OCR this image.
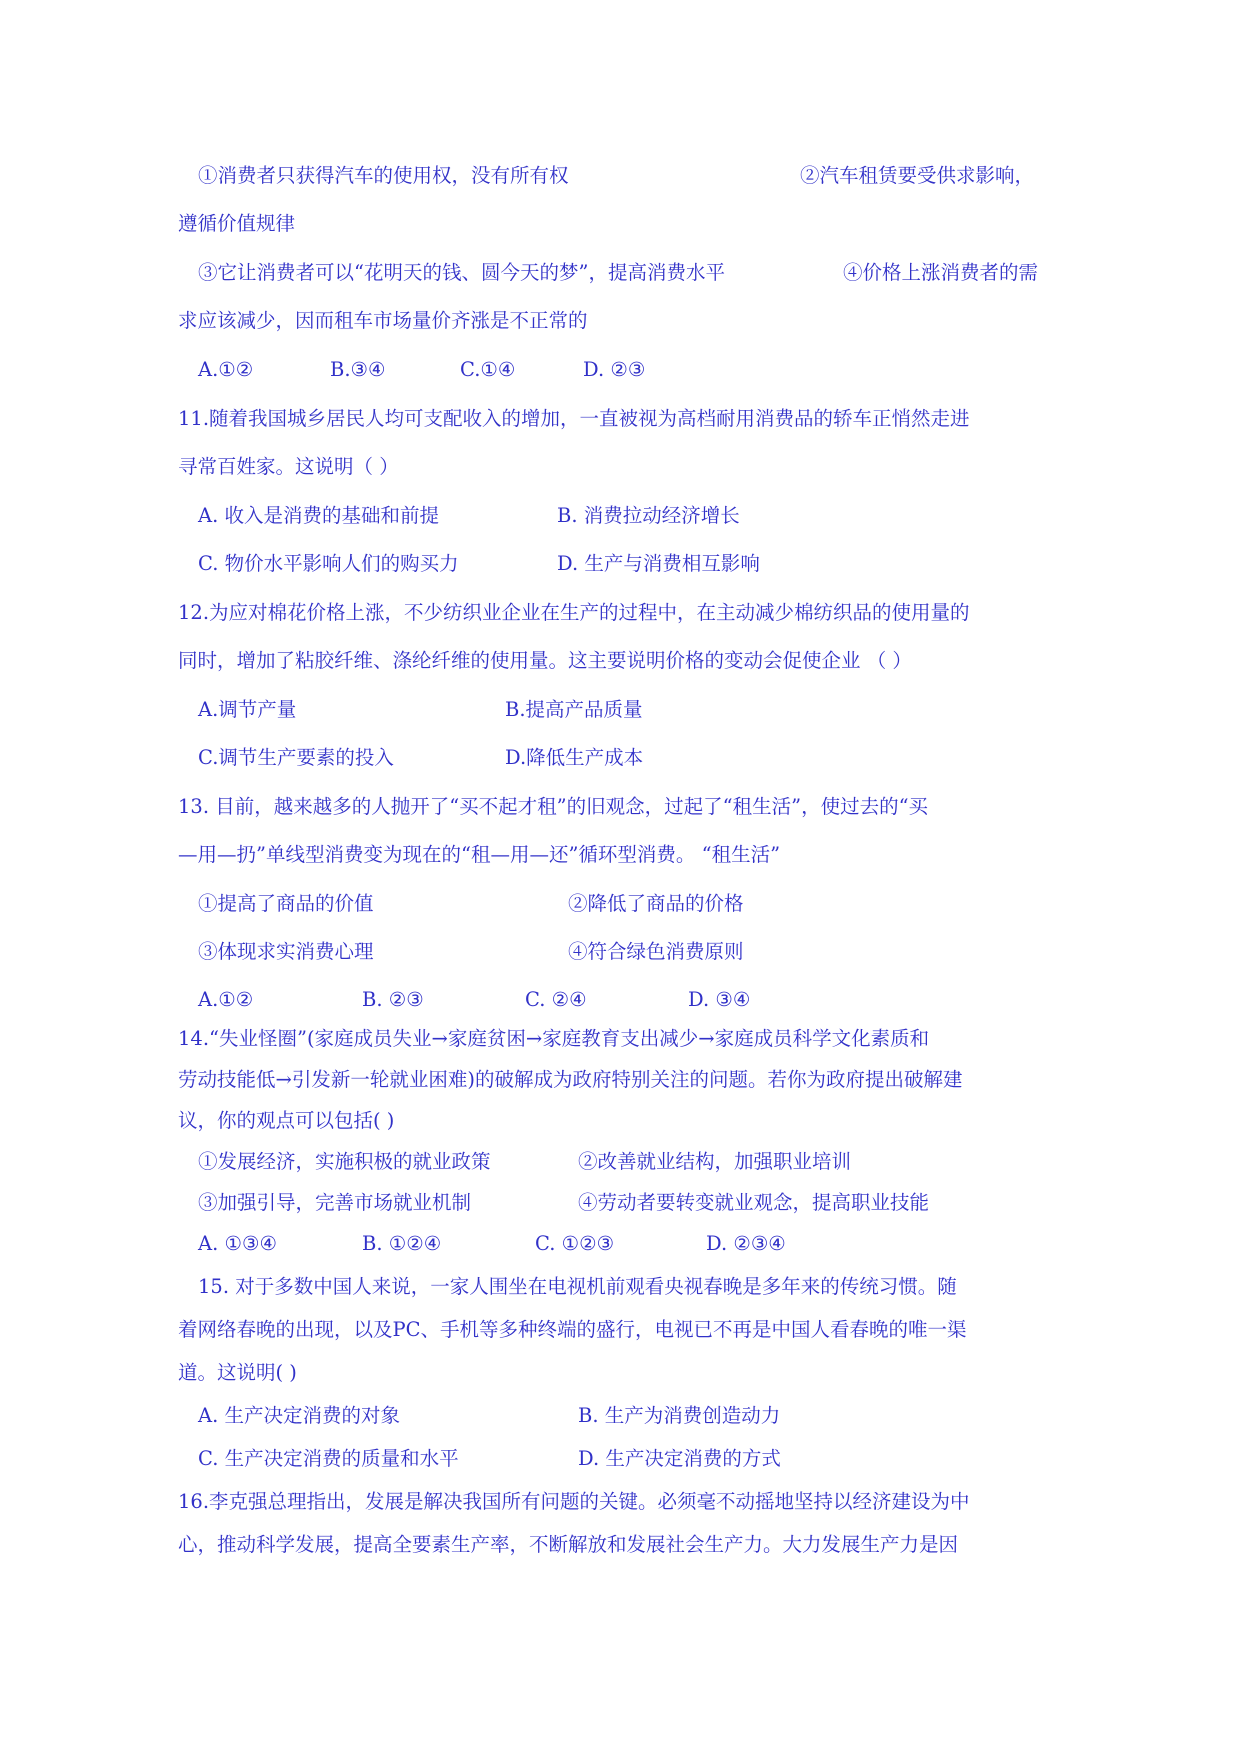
①消费者只获得汽车的使用权，没有所有权	②汽车租赁要受供求影响，
遵循价值规律
③它让消费者可以“花明天的钱、圆今天的梦”，提高消费水平	④价格上涨消费者的需
求应该减少，因而租车市场量价齐涨是不正常的
A.①②	B.③④	C.①④	D. ②③
11.随着我国城乡居民人均可支配收入的增加，一直被视为高档耐用消费品的轿车正悄然走进
寻常百姓家。这说明（ ）
A. 收入是消费的基础和前提	B. 消费拉动经济增长
C. 物价水平影响人们的购买力	D. 生产与消费相互影响
12.为应对棉花价格上涨，不少纺织业企业在生产的过程中，在主动减少棉纺织品的使用量的
同时，增加了粘胶纤维、涤纶纤维的使用量。这主要说明价格的变动会促使企业 （ ）
A.调节产量	B.提高产品质量
C.调节生产要素的投入	D.降低生产成本
13. 目前，越来越多的人抛开了“买不起才租”的旧观念，过起了“租生活”，使过去的“买
—用—扔”单线型消费变为现在的“租—用—还”循环型消费。 “租生活”
①提高了商品的价值	②降低了商品的价格
③体现求实消费心理	④符合绿色消费原则
A.①②	B. ②③	C. ②④	D. ③④
14.“失业怪圈”(家庭成员失业→家庭贫困→家庭教育支出减少→家庭成员科学文化素质和
劳动技能低→引发新一轮就业困难)的破解成为政府特别关注的问题。若你为政府提出破解建
议，你的观点可以包括( )
①发展经济，实施积极的就业政策	②改善就业结构，加强职业培训
③加强引导，完善市场就业机制	④劳动者要转变就业观念，提高职业技能
A. ①③④	B. ①②④	C. ①②③	D. ②③④
15. 对于多数中国人来说，一家人围坐在电视机前观看央视春晚是多年来的传统习惯。随
着网络春晚的出现，以及PC、手机等多种终端的盛行，电视已不再是中国人看春晚的唯一渠
道。这说明( )
A. 生产决定消费的对象	B. 生产为消费创造动力
C. 生产决定消费的质量和水平	D. 生产决定消费的方式
16.李克强总理指出，发展是解决我国所有问题的关键。必须毫不动摇地坚持以经济建设为中
心，推动科学发展，提高全要素生产率，不断解放和发展社会生产力。大力发展生产力是因
